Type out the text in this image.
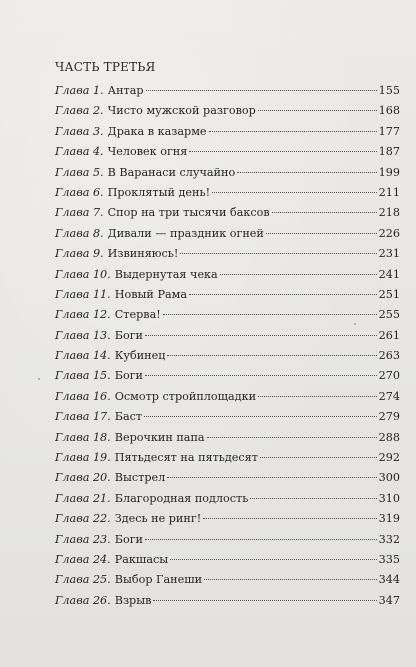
ЧАСТЬ ТРЕТЬЯ
Глава 1. Антар	155
Глава 2. Чисто мужской разговор	168
Глава 3. Драка в казарме	177
Глава 4. Человек огня	187
Глава 5. В Варанаси случайно	199
Глава 6. Проклятый день!	211
Глава 7. Спор на три тысячи баксов	218
Глава 8. Дивали — праздник огней	226
Глава 9. Извиняюсь!	231
Глава 10. Выдернутая чека	241
Глава 11. Новый Рама	251
Глава 12. Стерва!	255
Глава 13. Боги	261
Глава 14. Кубинец	263
Глава 15. Боги	270
Глава 16. Осмотр стройплощадки	274
Глава 17. Баст	279
Глава 18. Верочкин папа	288
Глава 19. Пятьдесят на пятьдесят	292
Глава 20. Выстрел	300
Глава 21. Благородная подлость	310
Глава 22. Здесь не ринг!	319
Глава 23. Боги	332
Глава 24. Ракшасы	335
Глава 25. Выбор Ганеши	344
Глава 26. Взрыв	347
